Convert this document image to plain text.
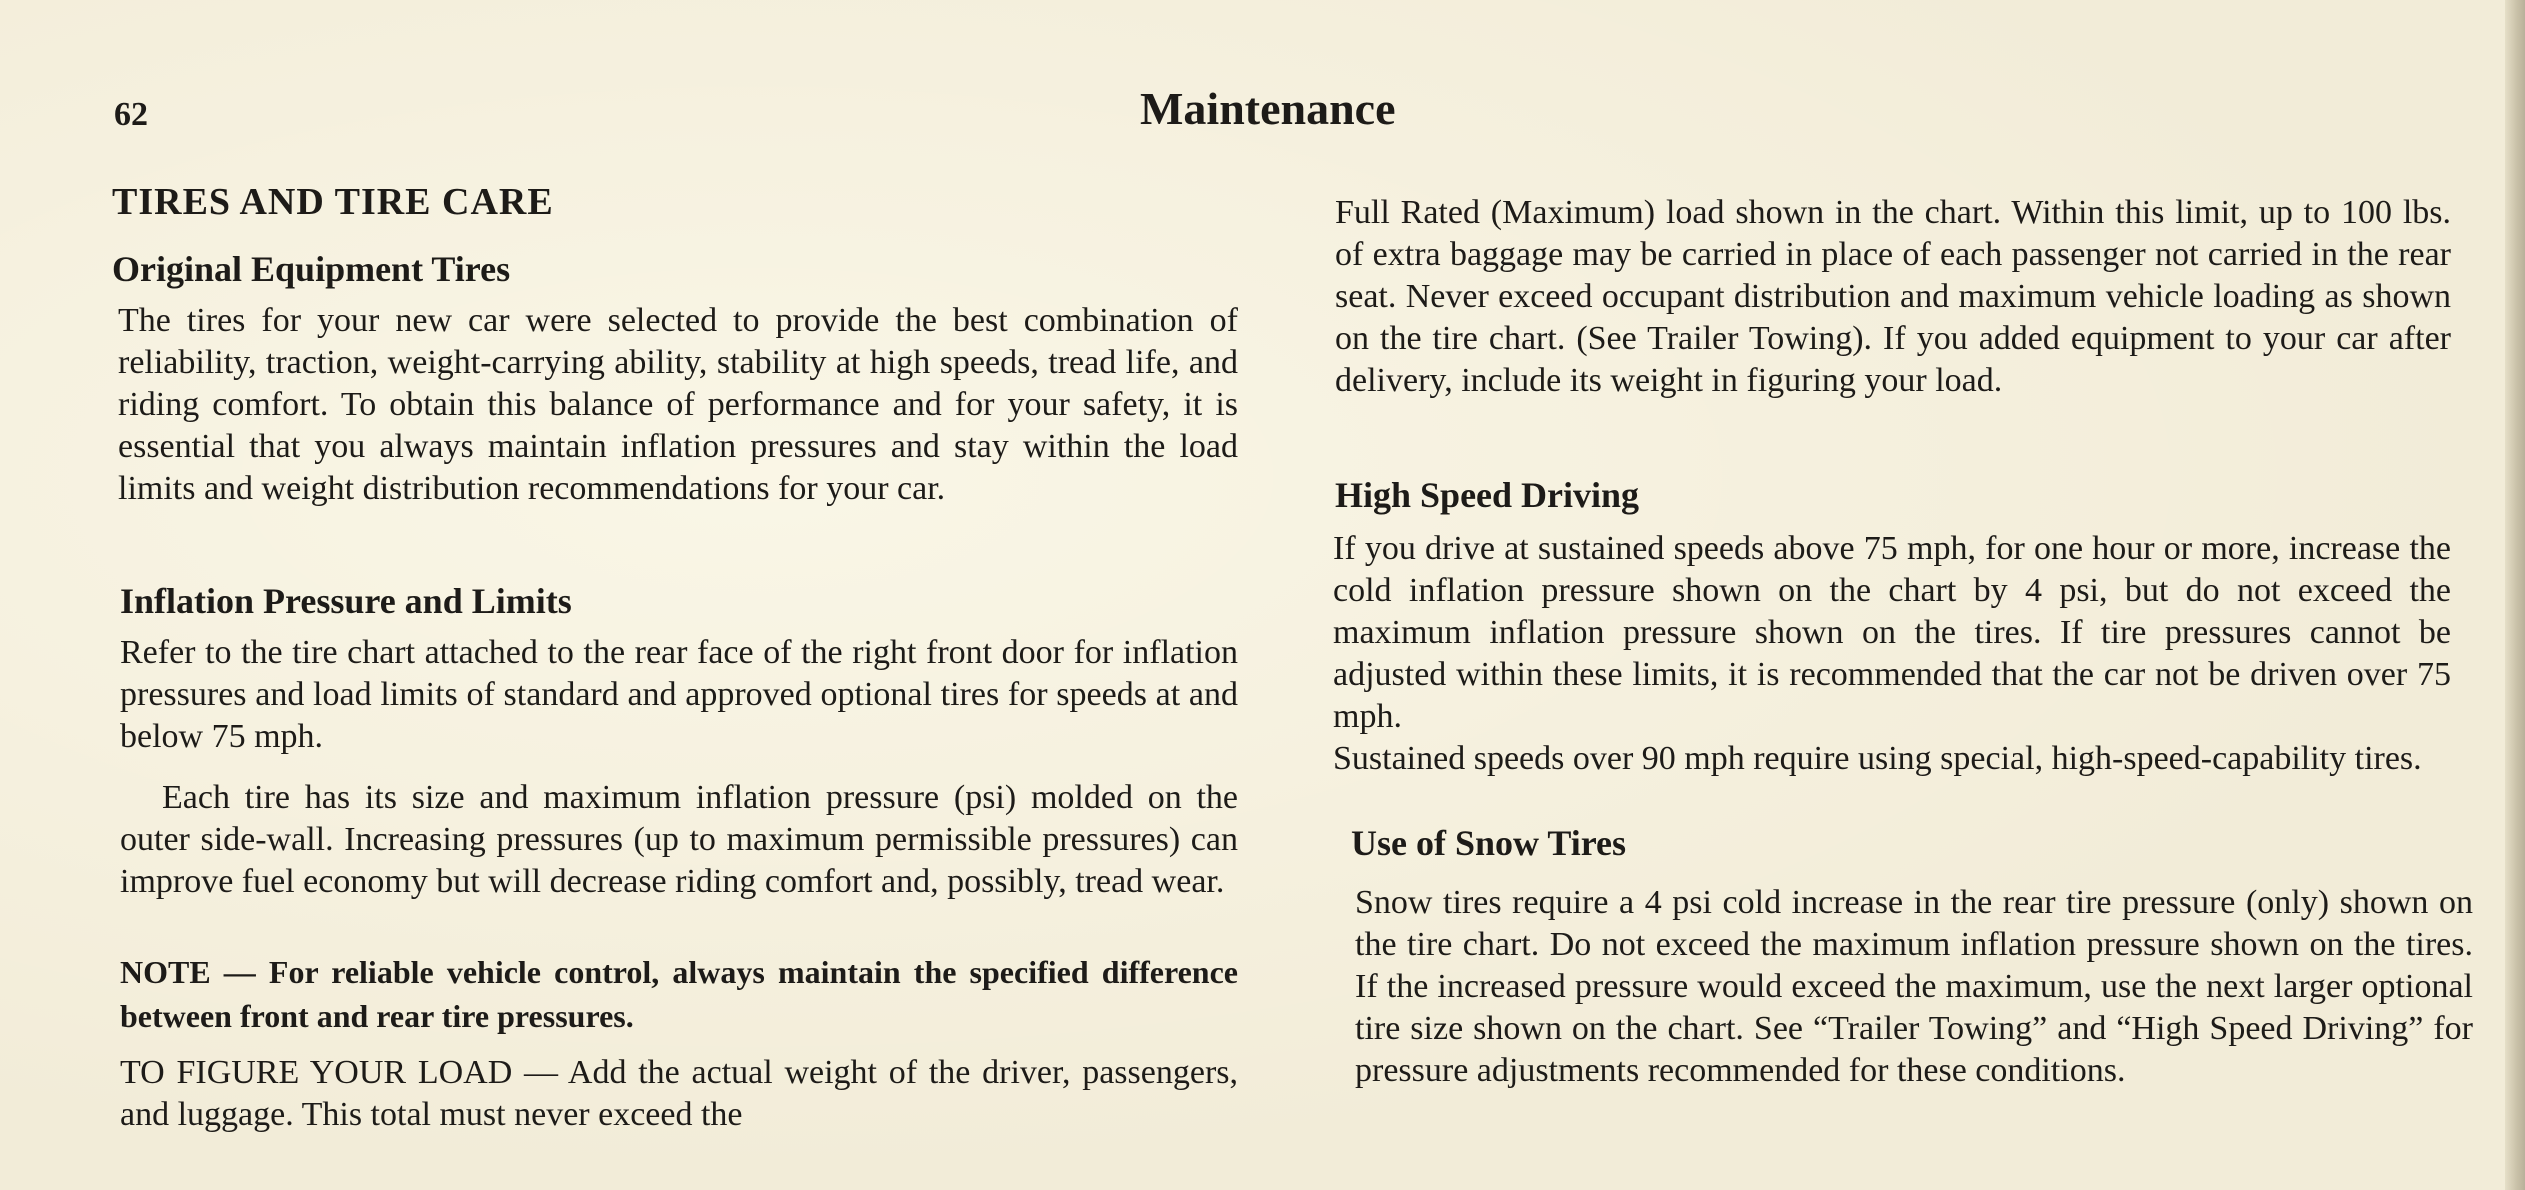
62	Maintenance
TIRES AND TIRE CARE
Original Equipment Tires

The tires for your new car were selected to provide the best combination of reliability, traction, weight-carrying ability, stability at high speeds, tread life, and riding comfort. To obtain this balance of performance and for your safety, it is essential that you always maintain inflation pressures and stay within the load limits and weight distribution recommendations for your car.

Inflation Pressure and Limits

Refer to the tire chart attached to the rear face of the right front door for inflation pressures and load limits of standard and approved optional tires for speeds at and below 75 mph.

Each tire has its size and maximum inflation pressure (psi) molded on the outer side-wall. Increasing pressures (up to maximum permissible pressures) can improve fuel economy but will decrease riding comfort and, possibly, tread wear.

NOTE — For reliable vehicle control, always maintain the specified difference between front and rear tire pressures.

TO FIGURE YOUR LOAD — Add the actual weight of the driver, passengers, and luggage. This total must never exceed the

Full Rated (Maximum) load shown in the chart. Within this limit, up to 100 lbs. of extra baggage may be carried in place of each passenger not carried in the rear seat. Never exceed occupant distribution and maximum vehicle loading as shown on the tire chart. (See Trailer Towing). If you added equipment to your car after delivery, include its weight in figuring your load.

High Speed Driving

If you drive at sustained speeds above 75 mph, for one hour or more, increase the cold inflation pressure shown on the chart by 4 psi, but do not exceed the maximum inflation pressure shown on the tires. If tire pressures cannot be adjusted within these limits, it is recommended that the car not be driven over 75 mph.

Sustained speeds over 90 mph require using special, high-speed-capability tires.

Use of Snow Tires

Snow tires require a 4 psi cold increase in the rear tire pressure (only) shown on the tire chart. Do not exceed the maximum inflation pressure shown on the tires. If the increased pressure would exceed the maximum, use the next larger optional tire size shown on the chart. See “Trailer Towing” and “High Speed Driving” for pressure adjustments recommended for these conditions.
